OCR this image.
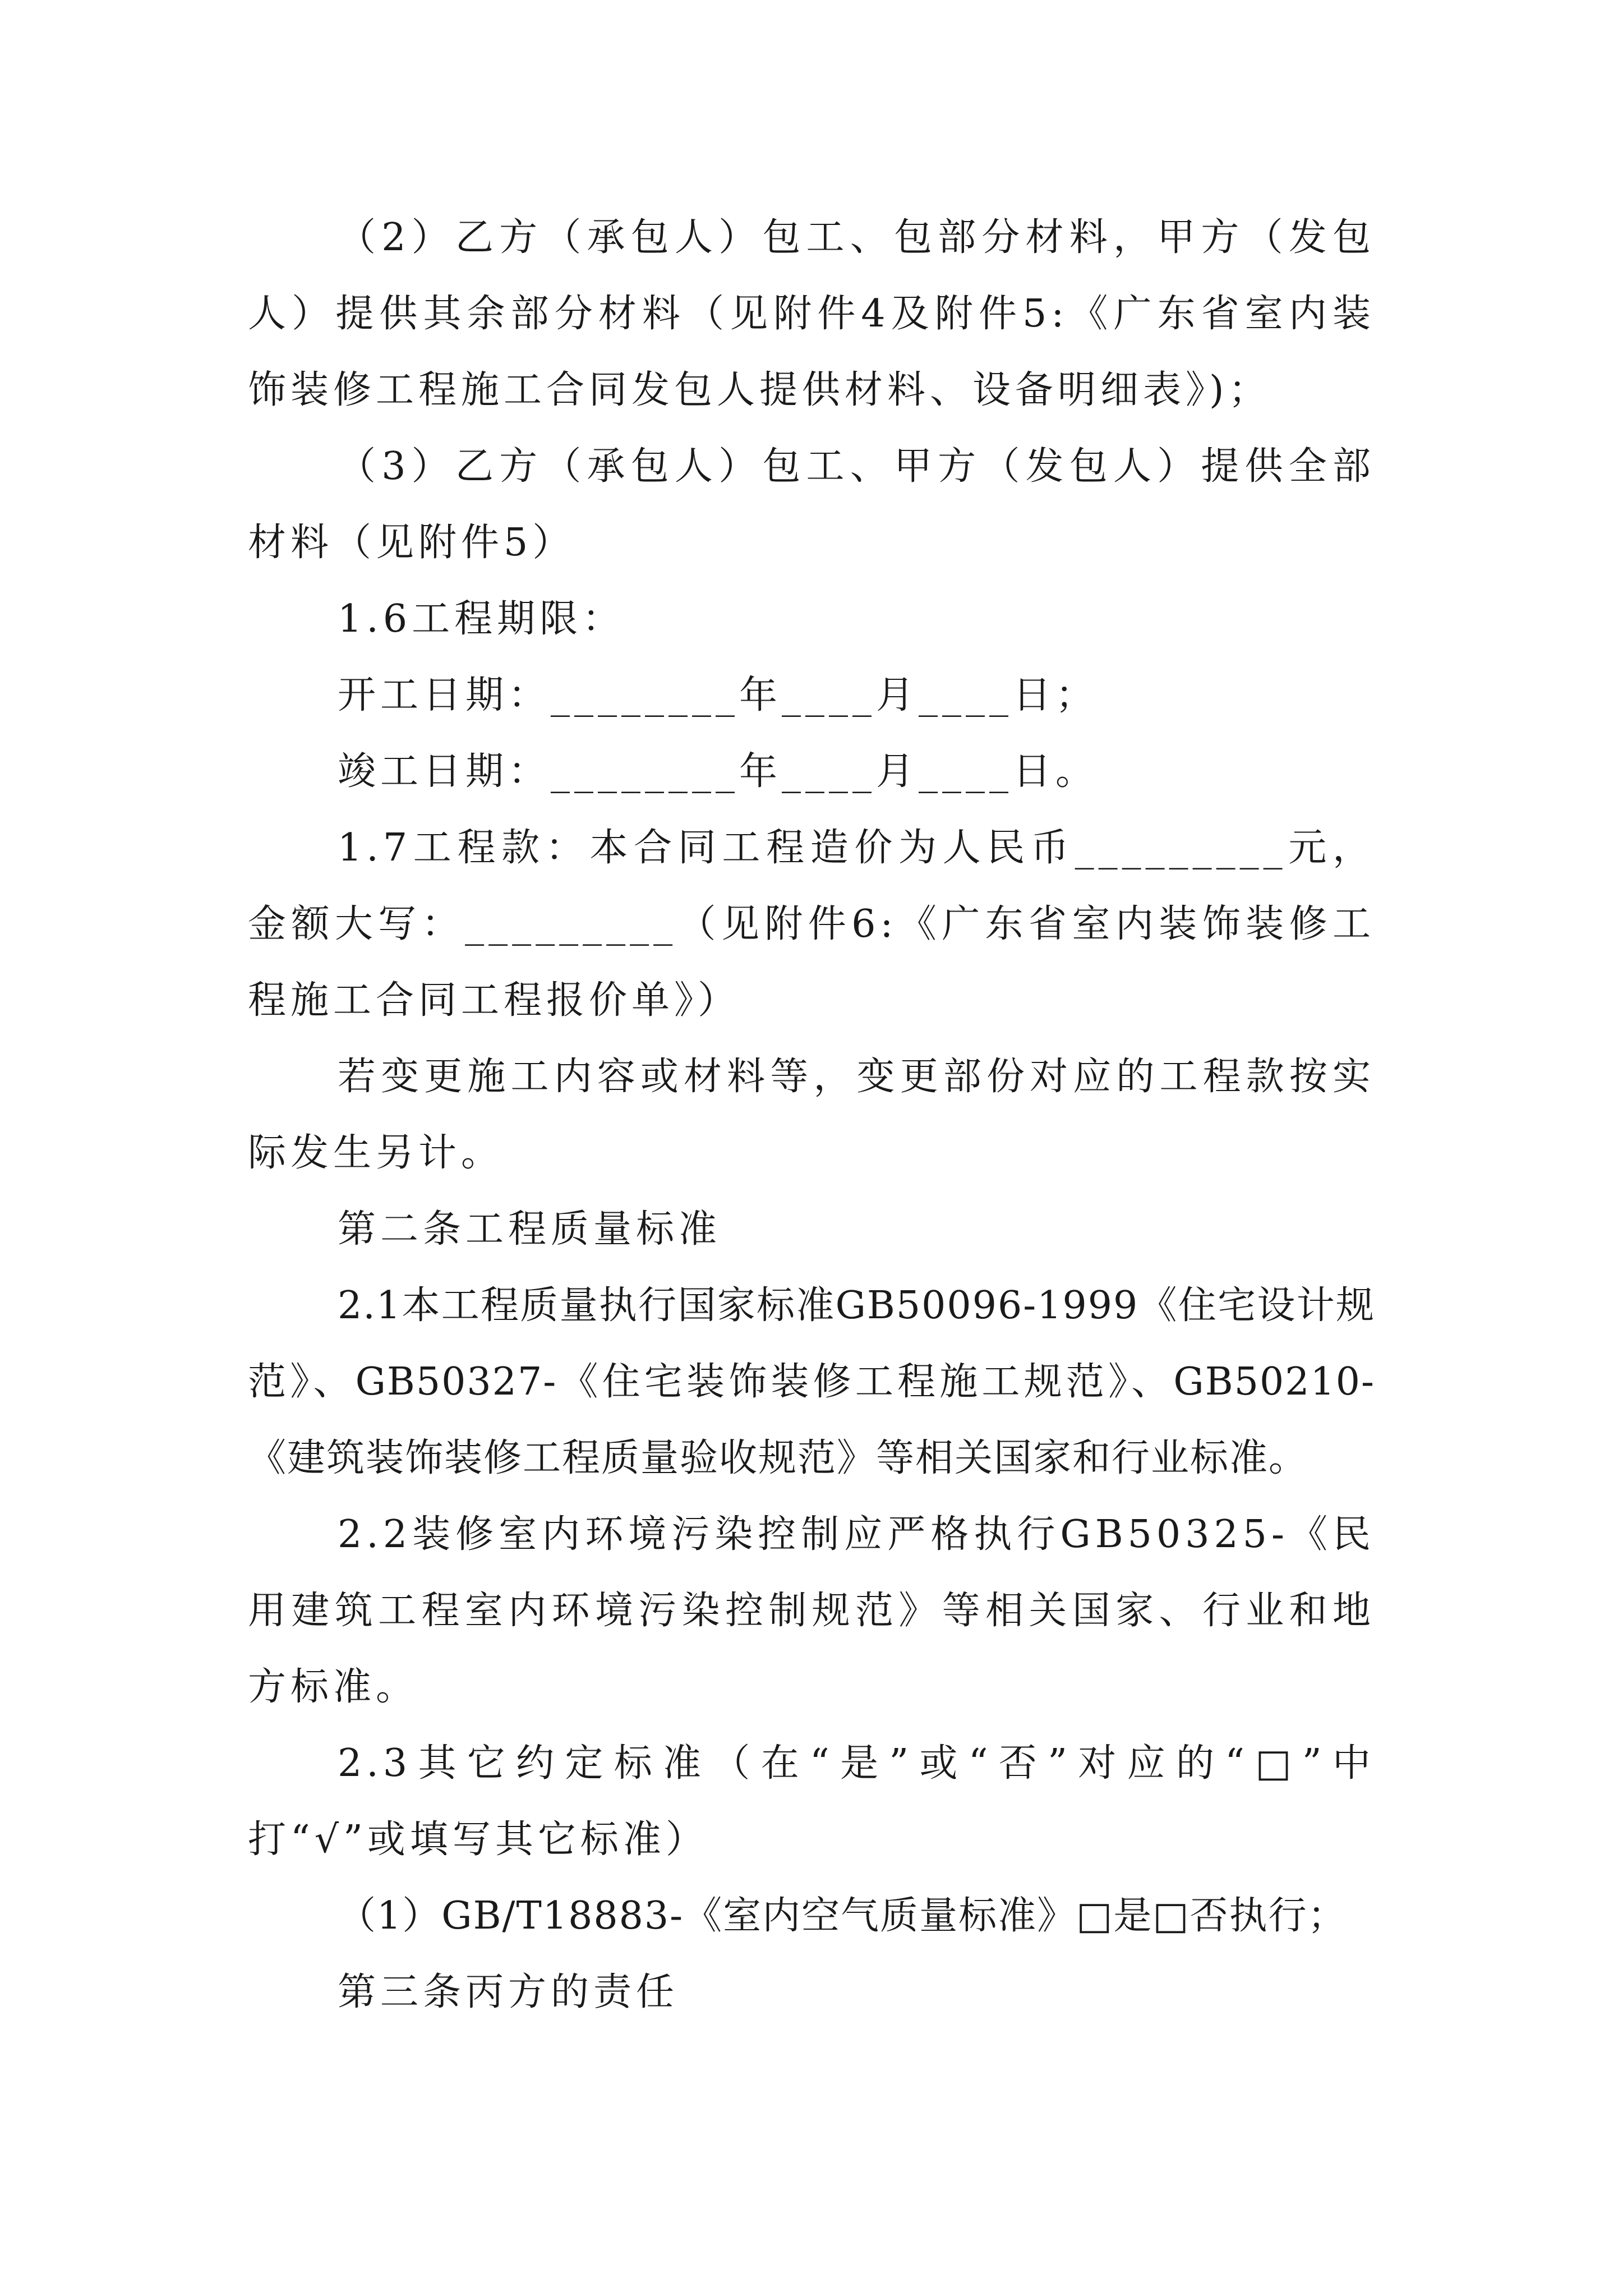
（2）乙方（承包人）包工、包部分材料，甲方（发包人）提供其余部分材料（见附件4及附件5:《广东省室内装饰装修工程施工合同发包人提供材料、设备明细表》)；

（3）乙方（承包人）包工、甲方（发包人）提供全部材料（见附件5）

1.6工程期限：

开工日期：________年____月____日；

竣工日期：________年____月____日。

1.7工程款：本合同工程造价为人民币_________元，金额大写：_________（见附件6:《广东省室内装饰装修工程施工合同工程报价单》）

若变更施工内容或材料等，变更部份对应的工程款按实际发生另计。

第二条工程质量标准

2.1本工程质量执行国家标准GB50096-1999《住宅设计规范》、GB50327-《住宅装饰装修工程施工规范》、GB50210-《建筑装饰装修工程质量验收规范》等相关国家和行业标准。

2.2装修室内环境污染控制应严格执行GB50325-《民用建筑工程室内环境污染控制规范》等相关国家、行业和地方标准。

2.3其它约定标准（在“是”或“否”对应的“□”中打“√”或填写其它标准）

（1）GB/T18883-《室内空气质量标准》□是□否执行；

第三条丙方的责任
